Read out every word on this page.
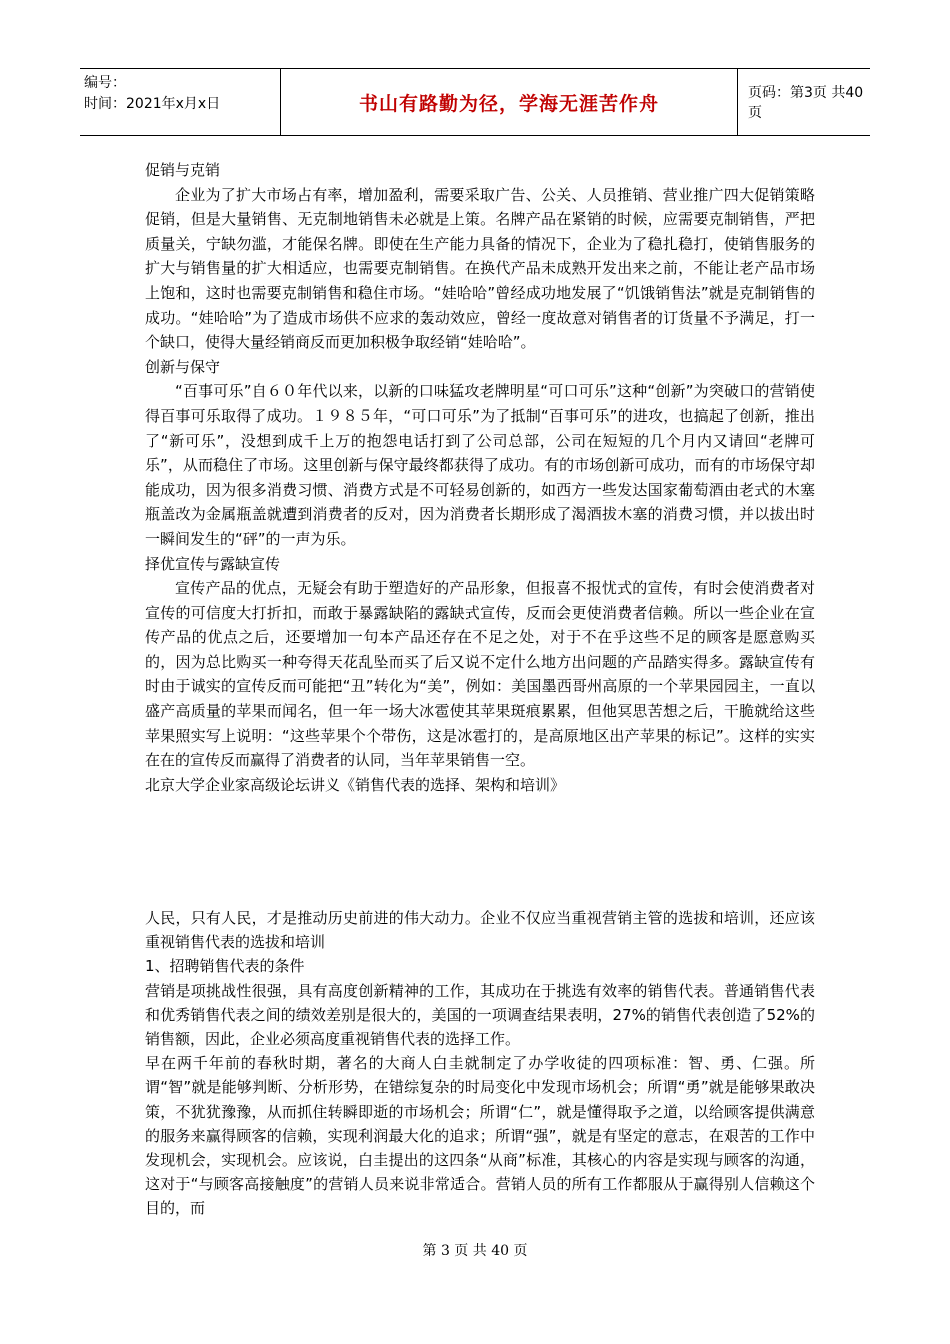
编号：
时间：2021年x月x日	书山有路勤为径，学海无涯苦作舟	页码：第3页 共40页

促销与克销

企业为了扩大市场占有率，增加盈利，需要采取广告、公关、人员推销、营业推广四大促销策略促销，但是大量销售、无克制地销售未必就是上策。名牌产品在紧销的时候，应需要克制销售，严把质量关，宁缺勿滥，才能保名牌。即使在生产能力具备的情况下，企业为了稳扎稳打，使销售服务的扩大与销售量的扩大相适应，也需要克制销售。在换代产品未成熟开发出来之前，不能让老产品市场上饱和，这时也需要克制销售和稳住市场。“娃哈哈”曾经成功地发展了“饥饿销售法”就是克制销售的成功。“娃哈哈”为了造成市场供不应求的轰动效应，曾经一度故意对销售者的订货量不予满足，打一个缺口，使得大量经销商反而更加积极争取经销“娃哈哈”。

创新与保守

“百事可乐”自６０年代以来，以新的口味猛攻老牌明星“可口可乐”这种“创新”为突破口的营销使得百事可乐取得了成功。１９８５年，“可口可乐”为了抵制“百事可乐”的进攻，也搞起了创新，推出了“新可乐”，没想到成千上万的抱怨电话打到了公司总部，公司在短短的几个月内又请回“老牌可乐”，从而稳住了市场。这里创新与保守最终都获得了成功。有的市场创新可成功，而有的市场保守却能成功，因为很多消费习惯、消费方式是不可轻易创新的，如西方一些发达国家葡萄酒由老式的木塞瓶盖改为金属瓶盖就遭到消费者的反对，因为消费者长期形成了渴酒拔木塞的消费习惯，并以拔出时一瞬间发生的“砰”的一声为乐。

择优宣传与露缺宣传

宣传产品的优点，无疑会有助于塑造好的产品形象，但报喜不报忧式的宣传，有时会使消费者对宣传的可信度大打折扣，而敢于暴露缺陷的露缺式宣传，反而会更使消费者信赖。所以一些企业在宣传产品的优点之后，还要增加一句本产品还存在不足之处，对于不在乎这些不足的顾客是愿意购买的，因为总比购买一种夸得天花乱坠而买了后又说不定什么地方出问题的产品踏实得多。露缺宣传有时由于诚实的宣传反而可能把“丑”转化为“美”，例如：美国墨西哥州高原的一个苹果园园主，一直以盛产高质量的苹果而闻名，但一年一场大冰雹使其苹果斑痕累累，但他冥思苦想之后，干脆就给这些苹果照实写上说明：“这些苹果个个带伤，这是冰雹打的，是高原地区出产苹果的标记”。这样的实实在在的宣传反而赢得了消费者的认同，当年苹果销售一空。

北京大学企业家高级论坛讲义《销售代表的选择、架构和培训》

人民，只有人民，才是推动历史前进的伟大动力。企业不仅应当重视营销主管的选拔和培训，还应该重视销售代表的选拔和培训

1、招聘销售代表的条件

营销是项挑战性很强，具有高度创新精神的工作，其成功在于挑选有效率的销售代表。普通销售代表和优秀销售代表之间的绩效差别是很大的，美国的一项调查结果表明，27%的销售代表创造了52%的销售额，因此，企业必须高度重视销售代表的选择工作。

早在两千年前的春秋时期，著名的大商人白圭就制定了办学收徒的四项标准：智、勇、仁强。所谓“智”就是能够判断、分析形势，在错综复杂的时局变化中发现市场机会；所谓“勇”就是能够果敢决策，不犹犹豫豫，从而抓住转瞬即逝的市场机会；所谓“仁”，就是懂得取予之道，以给顾客提供满意的服务来赢得顾客的信赖，实现利润最大化的追求；所谓“强”，就是有坚定的意志，在艰苦的工作中发现机会，实现机会。应该说，白圭提出的这四条“从商”标准，其核心的内容是实现与顾客的沟通，这对于“与顾客高接触度”的营销人员来说非常适合。营销人员的所有工作都服从于赢得别人信赖这个目的，而

第 3 页 共 40 页
